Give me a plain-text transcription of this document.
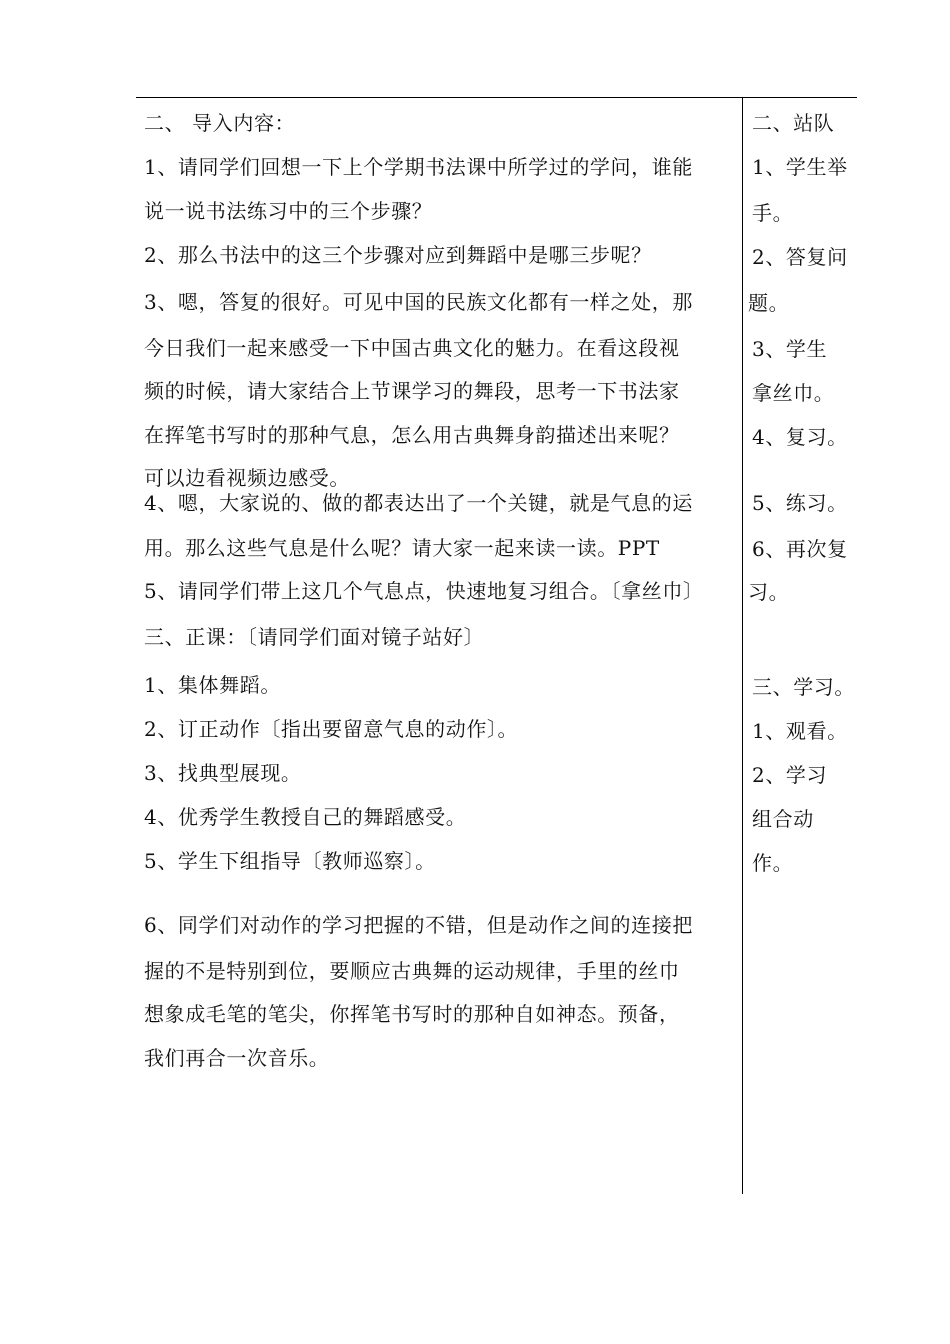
二、 导入内容：
1、请同学们回想一下上个学期书法课中所学过的学问，谁能
说一说书法练习中的三个步骤？
2、那么书法中的这三个步骤对应到舞蹈中是哪三步呢？
3、嗯，答复的很好。可见中国的民族文化都有一样之处，那
今日我们一起来感受一下中国古典文化的魅力。在看这段视
频的时候，请大家结合上节课学习的舞段，思考一下书法家
在挥笔书写时的那种气息，怎么用古典舞身韵描述出来呢？
可以边看视频边感受。
4、嗯，大家说的、做的都表达出了一个关键，就是气息的运
用。那么这些气息是什么呢？请大家一起来读一读。PPT
5、请同学们带上这几个气息点，快速地复习组合。〔拿丝巾〕
三、正课：〔请同学们面对镜子站好〕
1、集体舞蹈。
2、订正动作〔指出要留意气息的动作〕。
3、找典型展现。
4、优秀学生教授自己的舞蹈感受。
5、学生下组指导〔教师巡察〕。
6、同学们对动作的学习把握的不错，但是动作之间的连接把
握的不是特别到位，要顺应古典舞的运动规律，手里的丝巾
想象成毛笔的笔尖，你挥笔书写时的那种自如神态。预备，
我们再合一次音乐。
二、站队
1、学生举
手。
2、答复问
题。
3、学生
拿丝巾。
4、复习。
5、练习。
6、再次复
习。
三、学习。
1、观看。
2、学习
组合动
作。
